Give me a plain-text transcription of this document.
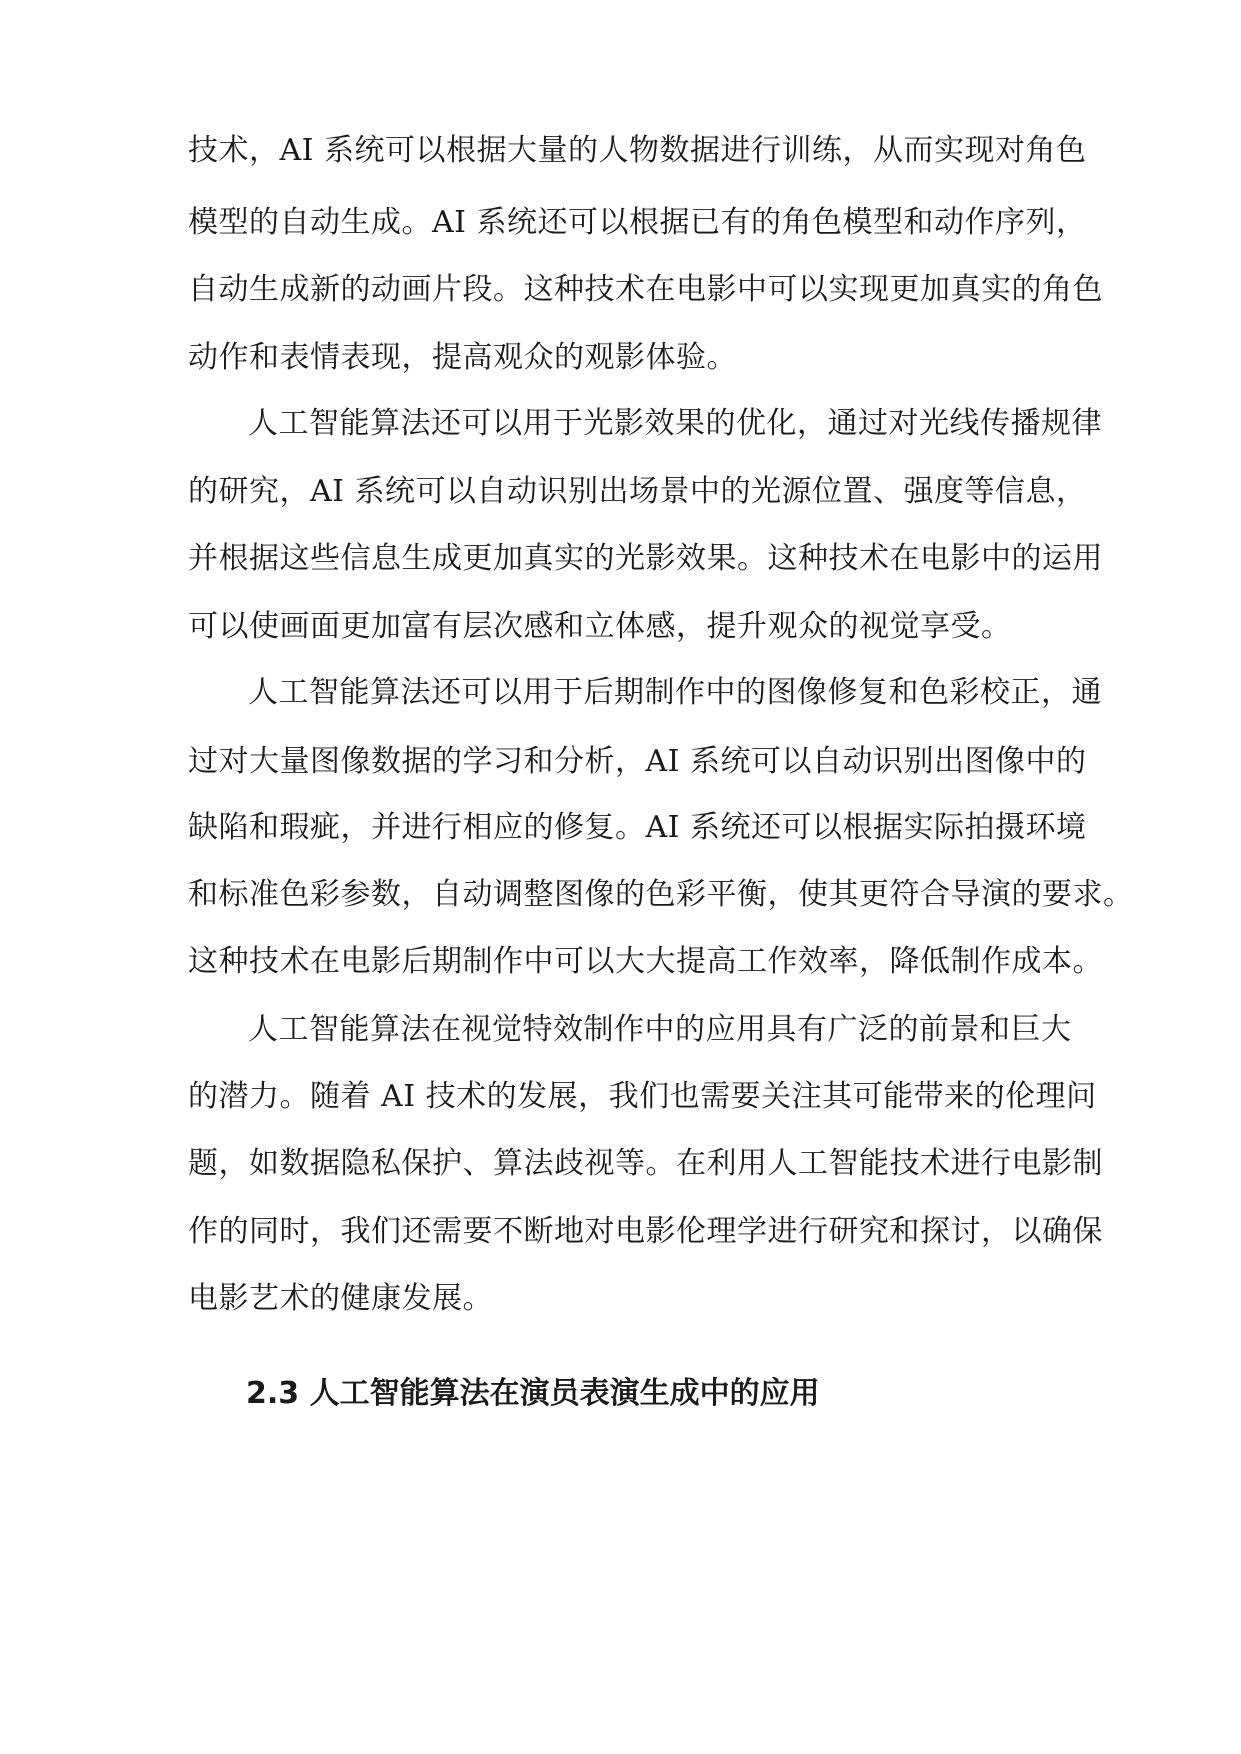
技术，AI 系统可以根据大量的人物数据进行训练，从而实现对角色
模型的自动生成。AI 系统还可以根据已有的角色模型和动作序列，
自动生成新的动画片段。这种技术在电影中可以实现更加真实的角色
动作和表情表现，提高观众的观影体验。
人工智能算法还可以用于光影效果的优化，通过对光线传播规律
的研究，AI 系统可以自动识别出场景中的光源位置、强度等信息，
并根据这些信息生成更加真实的光影效果。这种技术在电影中的运用
可以使画面更加富有层次感和立体感，提升观众的视觉享受。
人工智能算法还可以用于后期制作中的图像修复和色彩校正，通
过对大量图像数据的学习和分析，AI 系统可以自动识别出图像中的
缺陷和瑕疵，并进行相应的修复。AI 系统还可以根据实际拍摄环境
和标准色彩参数，自动调整图像的色彩平衡，使其更符合导演的要求。
这种技术在电影后期制作中可以大大提高工作效率，降低制作成本。
人工智能算法在视觉特效制作中的应用具有广泛的前景和巨大
的潜力。随着 AI 技术的发展，我们也需要关注其可能带来的伦理问
题，如数据隐私保护、算法歧视等。在利用人工智能技术进行电影制
作的同时，我们还需要不断地对电影伦理学进行研究和探讨，以确保
电影艺术的健康发展。
2.3 人工智能算法在演员表演生成中的应用
